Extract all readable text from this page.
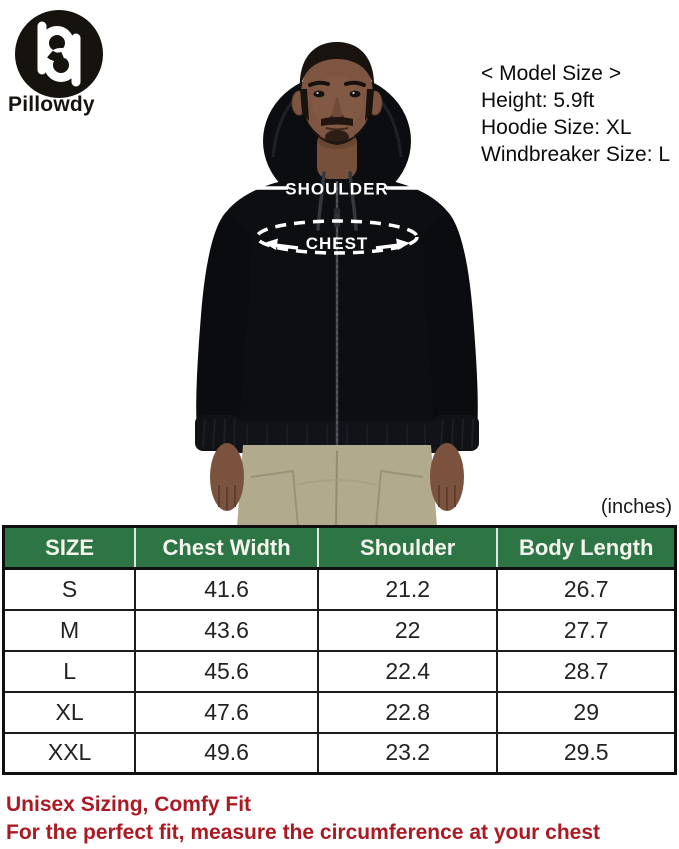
Pillowdy
< Model Size >
Height: 5.9ft
Hoodie Size: XL
Windbreaker Size: L
SHOULDER
CHEST
(inches)
SIZE	Chest Width	Shoulder	Body Length
S	41.6	21.2	26.7
M	43.6	22	27.7
L	45.6	22.4	28.7
XL	47.6	22.8	29
XXL	49.6	23.2	29.5
Unisex Sizing, Comfy Fit
For the perfect fit, measure the circumference at your chest
